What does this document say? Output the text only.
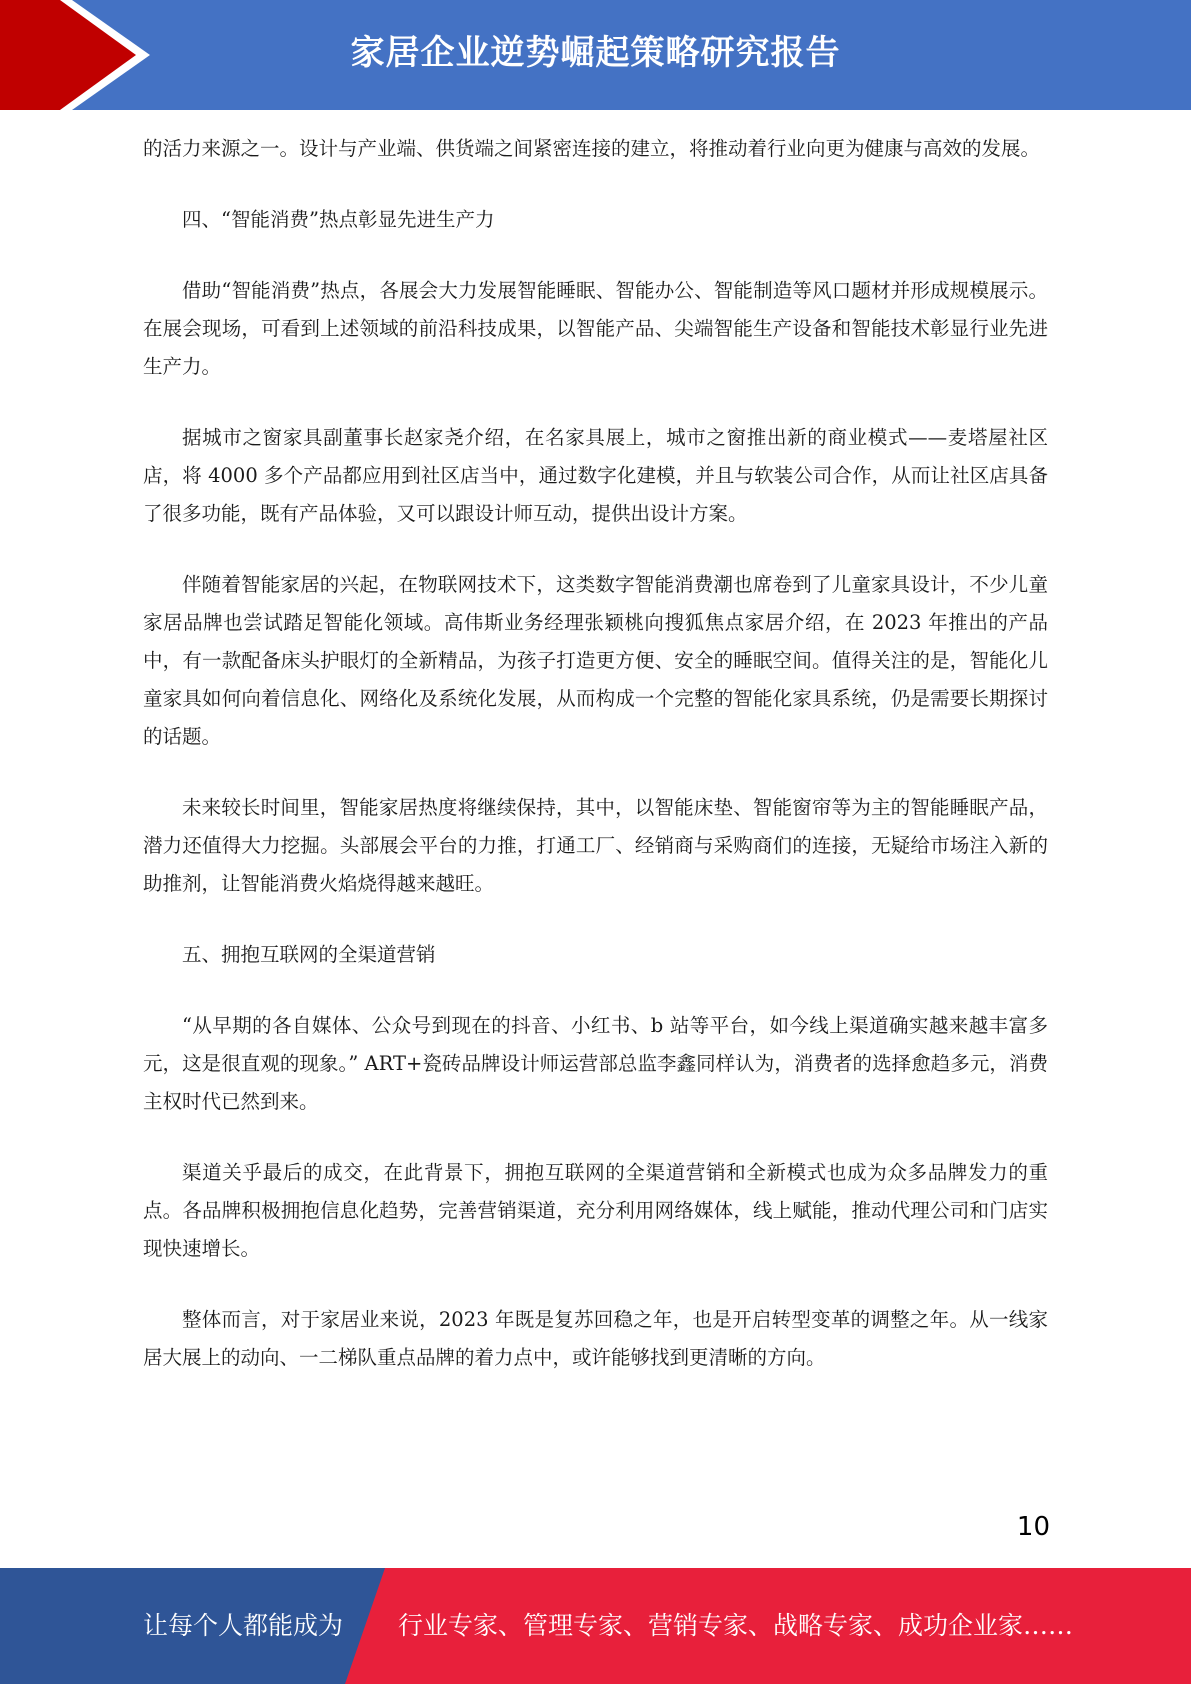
家居企业逆势崛起策略研究报告

的活力来源之一。设计与产业端、供货端之间紧密连接的建立，将推动着行业向更为健康与高效的发展。

四、“智能消费”热点彰显先进生产力

借助“智能消费”热点，各展会大力发展智能睡眠、智能办公、智能制造等风口题材并形成规模展示。在展会现场，可看到上述领域的前沿科技成果，以智能产品、尖端智能生产设备和智能技术彰显行业先进生产力。

据城市之窗家具副董事长赵家尧介绍，在名家具展上，城市之窗推出新的商业模式——麦塔屋社区店，将 4000 多个产品都应用到社区店当中，通过数字化建模，并且与软装公司合作，从而让社区店具备了很多功能，既有产品体验，又可以跟设计师互动，提供出设计方案。

伴随着智能家居的兴起，在物联网技术下，这类数字智能消费潮也席卷到了儿童家具设计，不少儿童家居品牌也尝试踏足智能化领域。高伟斯业务经理张颖桃向搜狐焦点家居介绍，在 2023 年推出的产品中，有一款配备床头护眼灯的全新精品，为孩子打造更方便、安全的睡眠空间。值得关注的是，智能化儿童家具如何向着信息化、网络化及系统化发展，从而构成一个完整的智能化家具系统，仍是需要长期探讨的话题。

未来较长时间里，智能家居热度将继续保持，其中，以智能床垫、智能窗帘等为主的智能睡眠产品，潜力还值得大力挖掘。头部展会平台的力推，打通工厂、经销商与采购商们的连接，无疑给市场注入新的助推剂，让智能消费火焰烧得越来越旺。

五、拥抱互联网的全渠道营销

“从早期的各自媒体、公众号到现在的抖音、小红书、b 站等平台，如今线上渠道确实越来越丰富多元，这是很直观的现象。” ART+瓷砖品牌设计师运营部总监李鑫同样认为，消费者的选择愈趋多元，消费主权时代已然到来。

渠道关乎最后的成交，在此背景下，拥抱互联网的全渠道营销和全新模式也成为众多品牌发力的重点。各品牌积极拥抱信息化趋势，完善营销渠道，充分利用网络媒体，线上赋能，推动代理公司和门店实现快速增长。

整体而言，对于家居业来说，2023 年既是复苏回稳之年，也是开启转型变革的调整之年。从一线家居大展上的动向、一二梯队重点品牌的着力点中，或许能够找到更清晰的方向。

10
让每个人都能成为 行业专家、管理专家、营销专家、战略专家、成功企业家……
